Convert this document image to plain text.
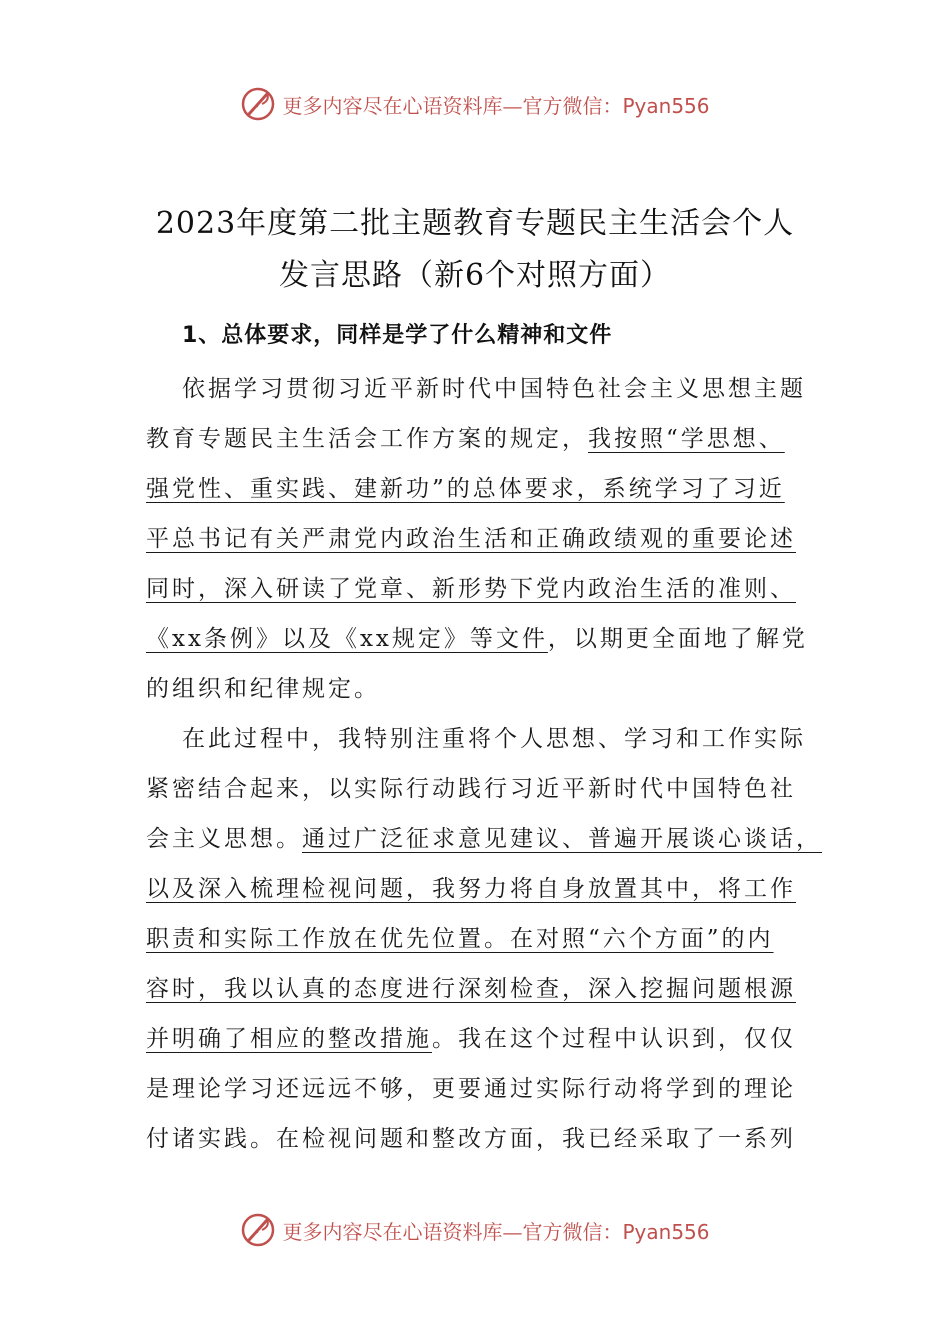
更多内容尽在心语资料库—官方微信：Pyan556
2023年度第二批主题教育专题民主生活会个人
发言思路（新6个对照方面）
1、总体要求，同样是学了什么精神和文件
依据学习贯彻习近平新时代中国特色社会主义思想主题
教育专题民主生活会工作方案的规定，我按照“学思想、
强党性、重实践、建新功”的总体要求，系统学习了习近
平总书记有关严肃党内政治生活和正确政绩观的重要论述
同时，深入研读了党章、新形势下党内政治生活的准则、
《xx条例》以及《xx规定》等文件，以期更全面地了解党
的组织和纪律规定。
在此过程中，我特别注重将个人思想、学习和工作实际
紧密结合起来，以实际行动践行习近平新时代中国特色社
会主义思想。通过广泛征求意见建议、普遍开展谈心谈话，
以及深入梳理检视问题，我努力将自身放置其中，将工作
职责和实际工作放在优先位置。在对照“六个方面”的内
容时，我以认真的态度进行深刻检查，深入挖掘问题根源
并明确了相应的整改措施。我在这个过程中认识到，仅仅
是理论学习还远远不够，更要通过实际行动将学到的理论
付诸实践。在检视问题和整改方面，我已经采取了一系列
更多内容尽在心语资料库—官方微信：Pyan556
